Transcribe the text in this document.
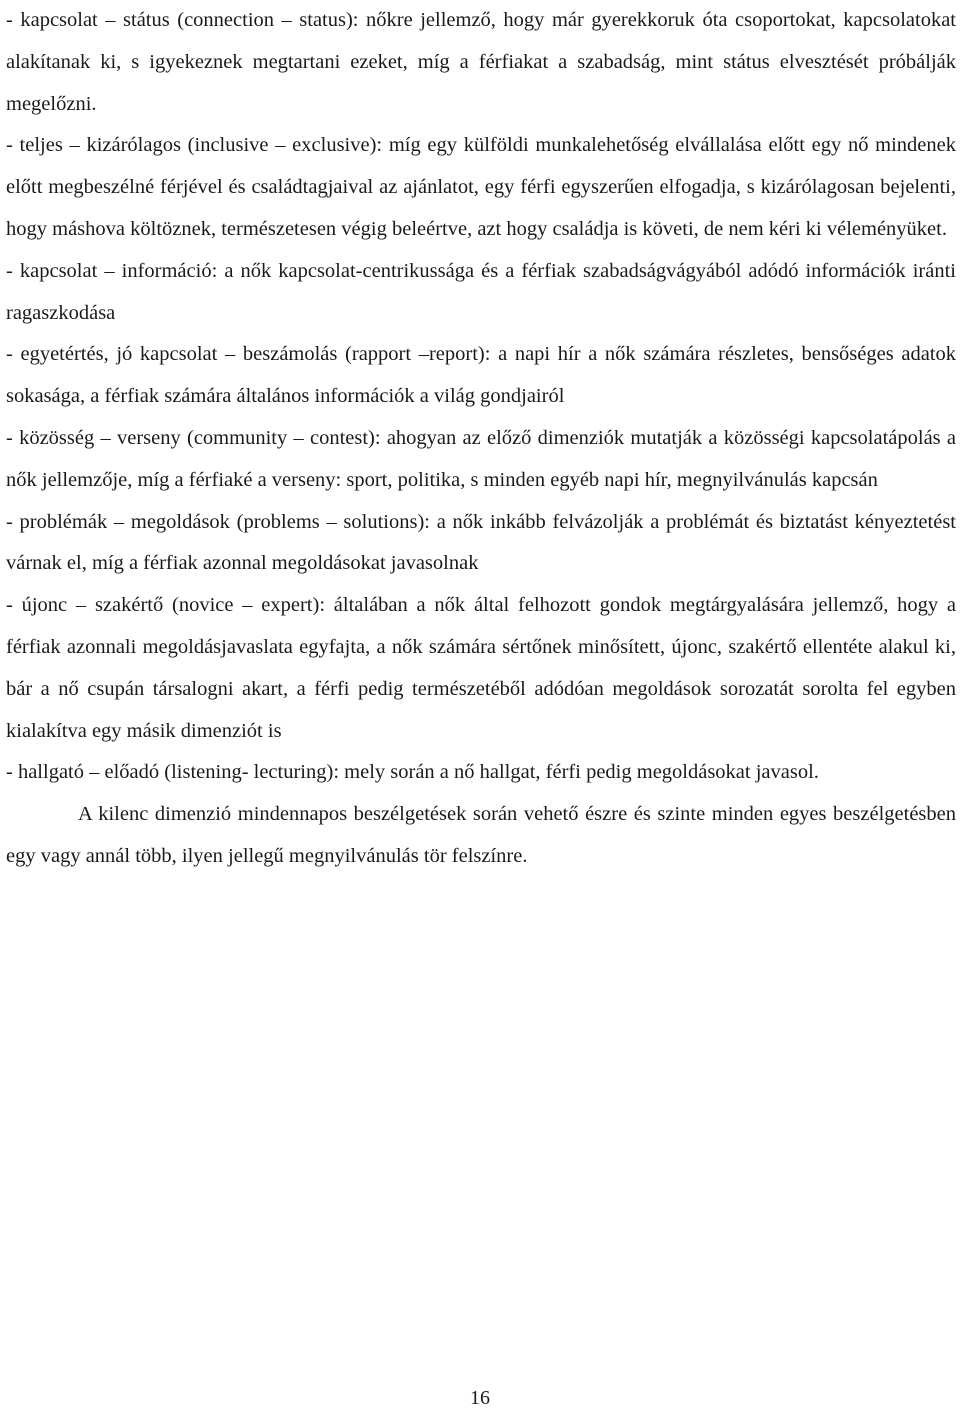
- kapcsolat – státus (connection – status): nőkre jellemző, hogy már gyerekkoruk óta csoportokat, kapcsolatokat alakítanak ki, s igyekeznek megtartani ezeket, míg a férfiakat a szabadság, mint státus elvesztését próbálják megelőzni.

- teljes – kizárólagos (inclusive – exclusive): míg egy külföldi munkalehetőség elvállalása előtt egy nő mindenek előtt megbeszélné férjével és családtagjaival az ajánlatot, egy férfi egyszerűen elfogadja, s kizárólagosan bejelenti, hogy máshova költöznek, természetesen végig beleértve, azt hogy családja is követi, de nem kéri ki véleményüket.

- kapcsolat – információ: a nők kapcsolat-centrikussága és a férfiak szabadságvágyából adódó információk iránti ragaszkodása

- egyetértés, jó kapcsolat – beszámolás (rapport –report): a napi hír a nők számára részletes, bensőséges adatok sokasága, a férfiak számára általános információk a világ gondjairól

- közösség – verseny (community – contest): ahogyan az előző dimenziók mutatják a közösségi kapcsolatápolás a nők jellemzője, míg a férfiaké a verseny: sport, politika, s minden egyéb napi hír, megnyilvánulás kapcsán

- problémák – megoldások (problems – solutions): a nők inkább felvázolják a problémát és biztatást kényeztetést várnak el, míg a férfiak azonnal megoldásokat javasolnak

- újonc – szakértő (novice – expert): általában a nők által felhozott gondok megtárgyalására jellemző, hogy a férfiak azonnali megoldásjavaslata egyfajta, a nők számára sértőnek minősített, újonc, szakértő ellentéte alakul ki, bár a nő csupán társalogni akart, a férfi pedig természetéből adódóan megoldások sorozatát sorolta fel egyben kialakítva egy másik dimenziót is

- hallgató – előadó (listening- lecturing): mely során a nő hallgat, férfi pedig megoldásokat javasol.

A kilenc dimenzió mindennapos beszélgetések során vehető észre és szinte minden egyes beszélgetésben egy vagy annál több, ilyen jellegű megnyilvánulás tör felszínre.

16
